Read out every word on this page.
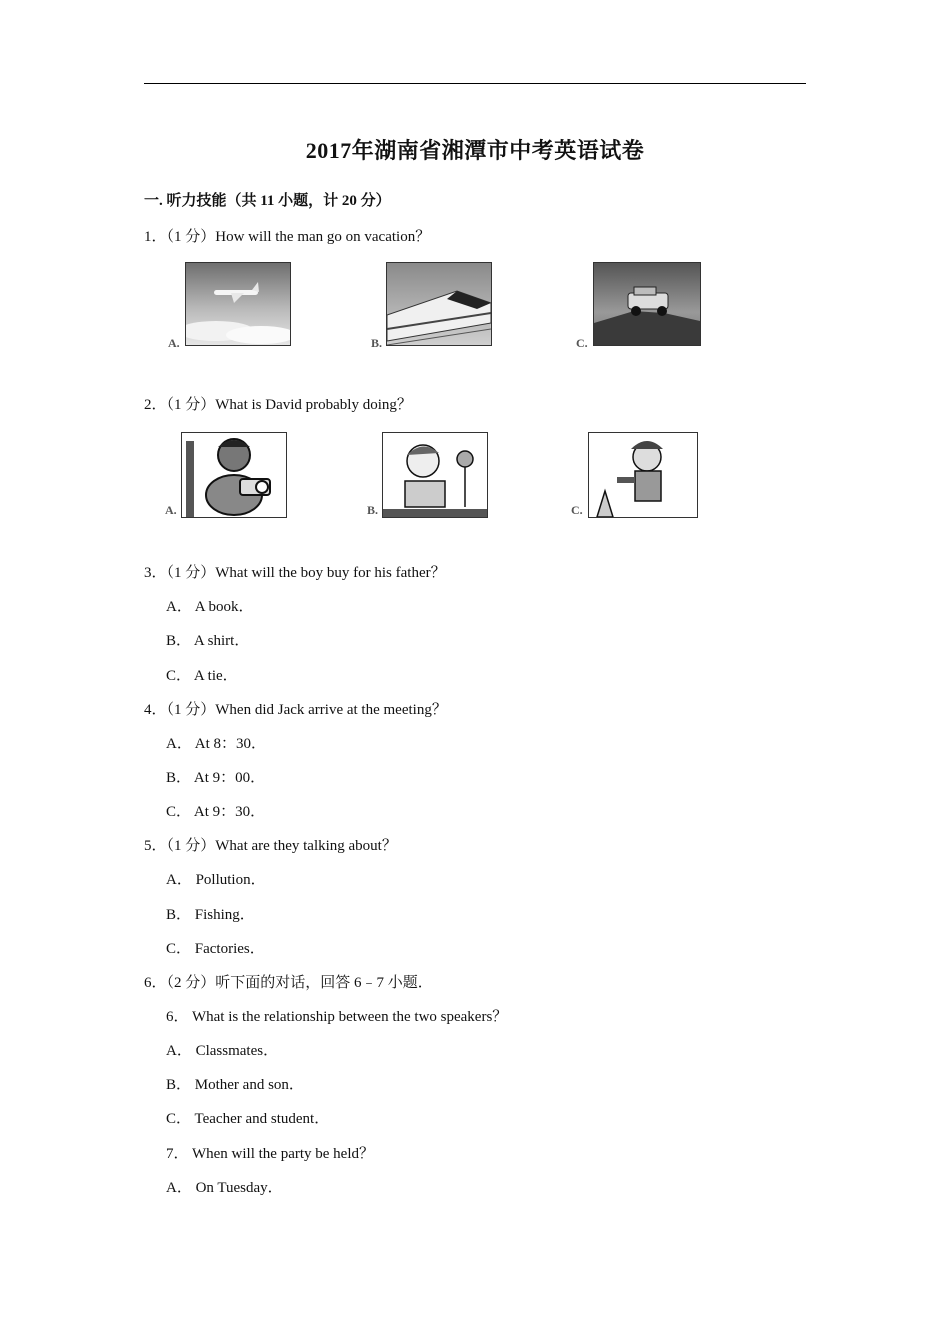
2017年湖南省湘潭市中考英语试卷
一. 听力技能（共 11 小题，计 20 分）
1．（1 分）How will the man go on vacation？
A.	B.	C.
2．（1 分）What is David probably doing？
A.	B.	C.
3．（1 分）What will the boy buy for his father？
A． A book．
B． A shirt．
C． A tie．
4．（1 分）When did Jack arrive at the meeting？
A． At 8：30．
B． At 9：00．
C． At 9：30．
5．（1 分）What are they talking about？
A． Pollution．
B． Fishing．
C． Factories．
6．（2 分）听下面的对话，回答 6﹣7 小题．
6． What is the relationship between the two speakers？
A． Classmates．
B． Mother and son．
C． Teacher and student．
7． When will the party be held？
A． On Tuesday．
